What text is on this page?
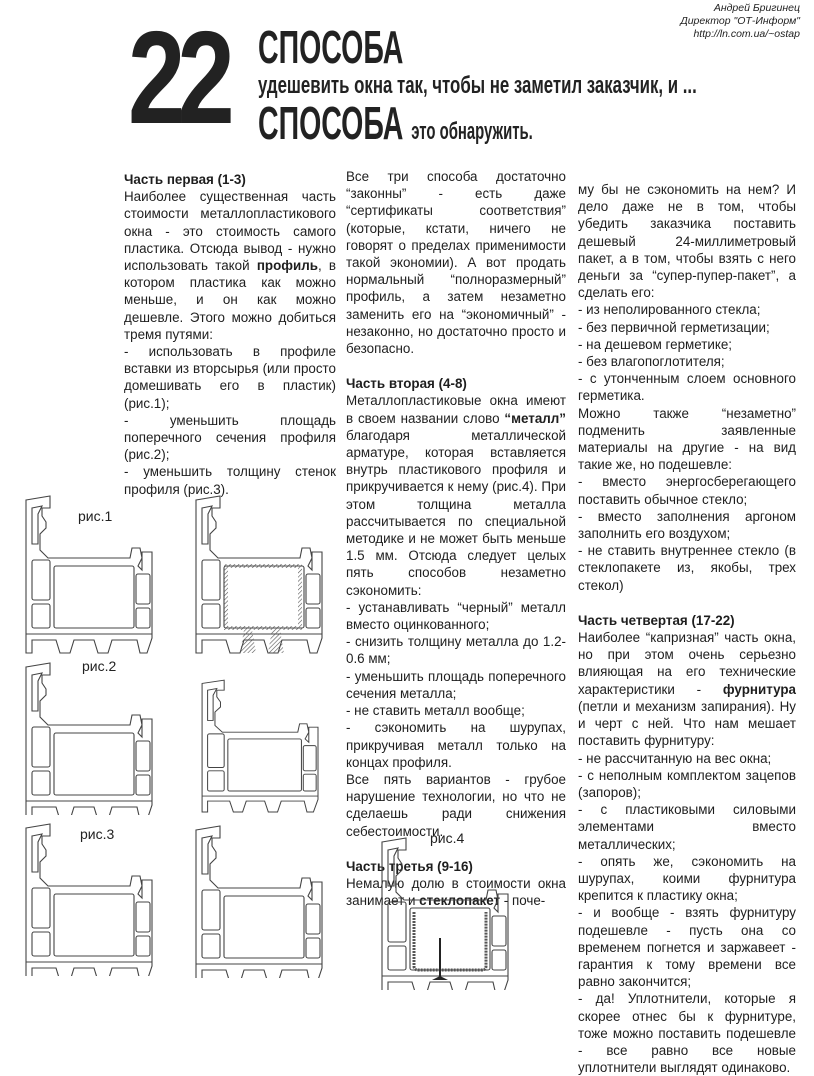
Андрей Бригинец
Директор "ОТ-Информ"
http://ln.com.ua/~ostap
22 СПОСОБА
удешевить окна так, чтобы не заметил заказчик, и ...
СПОСОБА это обнаружить.

Часть первая (1-3)

Наиболее существенная часть стоимости металлопластикового окна - это стоимость самого пластика. Отсюда вывод - нужно использовать такой профиль, в котором пластика как можно меньше, и он как можно дешевле. Этого можно добиться тремя путями:

- использовать в профиле вставки из вторсырья (или просто домешивать его в пластик) (рис.1);

- уменьшить площадь поперечного сечения профиля (рис.2);

- уменьшить толщину стенок профиля (рис.3).

Все три способа достаточно “законны” - есть даже “сертификаты соответствия” (которые, кстати, ничего не говорят о пределах применимости такой экономии). А вот продать нормальный “полноразмерный” профиль, а затем незаметно заменить его на “экономичный” - незаконно, но достаточно просто и безопасно.

Часть вторая (4-8)

Металлопластиковые окна имеют в своем названии слово “металл” благодаря металлической арматуре, которая вставляется внутрь пластикового профиля и прикручивается к нему (рис.4). При этом толщина металла рассчитывается по специальной методике и не может быть меньше 1.5 мм. Отсюда следует целых пять способов незаметно сэкономить:

- устанавливать “черный” металл вместо оцинкованного;

- снизить толщину металла до 1.2-0.6 мм;

- уменьшить площадь поперечного сечения металла;

- не ставить металл вообще;

- сэкономить на шурупах, прикручивая металл только на концах профиля.

Все пять вариантов - грубое нарушение технологии, но что не сделаешь ради снижения себестоимости.

Часть третья (9-16)

Немалую долю в стоимости окна занимает и стеклопакет - поче-

му бы не сэкономить на нем? И дело даже не в том, чтобы убедить заказчика поставить дешевый 24-миллиметровый пакет, а в том, чтобы взять с него деньги за “супер-пупер-пакет”, а сделать его:

- из неполированного стекла;

- без первичной герметизации;

- на дешевом герметике;

- без влагопоглотителя;

- с утонченным слоем основного герметика.

Можно также “незаметно” подменить заявленные материалы на другие - на вид такие же, но подешевле:

- вместо энергосберегающего поставить обычное стекло;

- вместо заполнения аргоном заполнить его воздухом;

- не ставить внутреннее стекло (в стеклопакете из, якобы, трех стекол)

Часть четвертая (17-22)

Наиболее “капризная” часть окна, но при этом очень серьезно влияющая на его технические характеристики - фурнитура (петли и механизм запирания). Ну и черт с ней. Что нам мешает поставить фурнитуру:

- не рассчитанную на вес окна;

- с неполным комплектом зацепов (запоров);

- с пластиковыми силовыми элементами вместо металлических;

- опять же, сэкономить на шурупах, коими фурнитура крепится к пластику окна;

- и вообще - взять фурнитуру подешевле - пусть она со временем погнется и заржавеет - гарантия к тому времени все равно закончится;

- да! Уплотнители, которые я скорее отнес бы к фурнитуре, тоже можно поставить подешевле - все равно все новые уплотнители выглядят одинаково.

рис.1
рис.2
рис.3	рис.4
